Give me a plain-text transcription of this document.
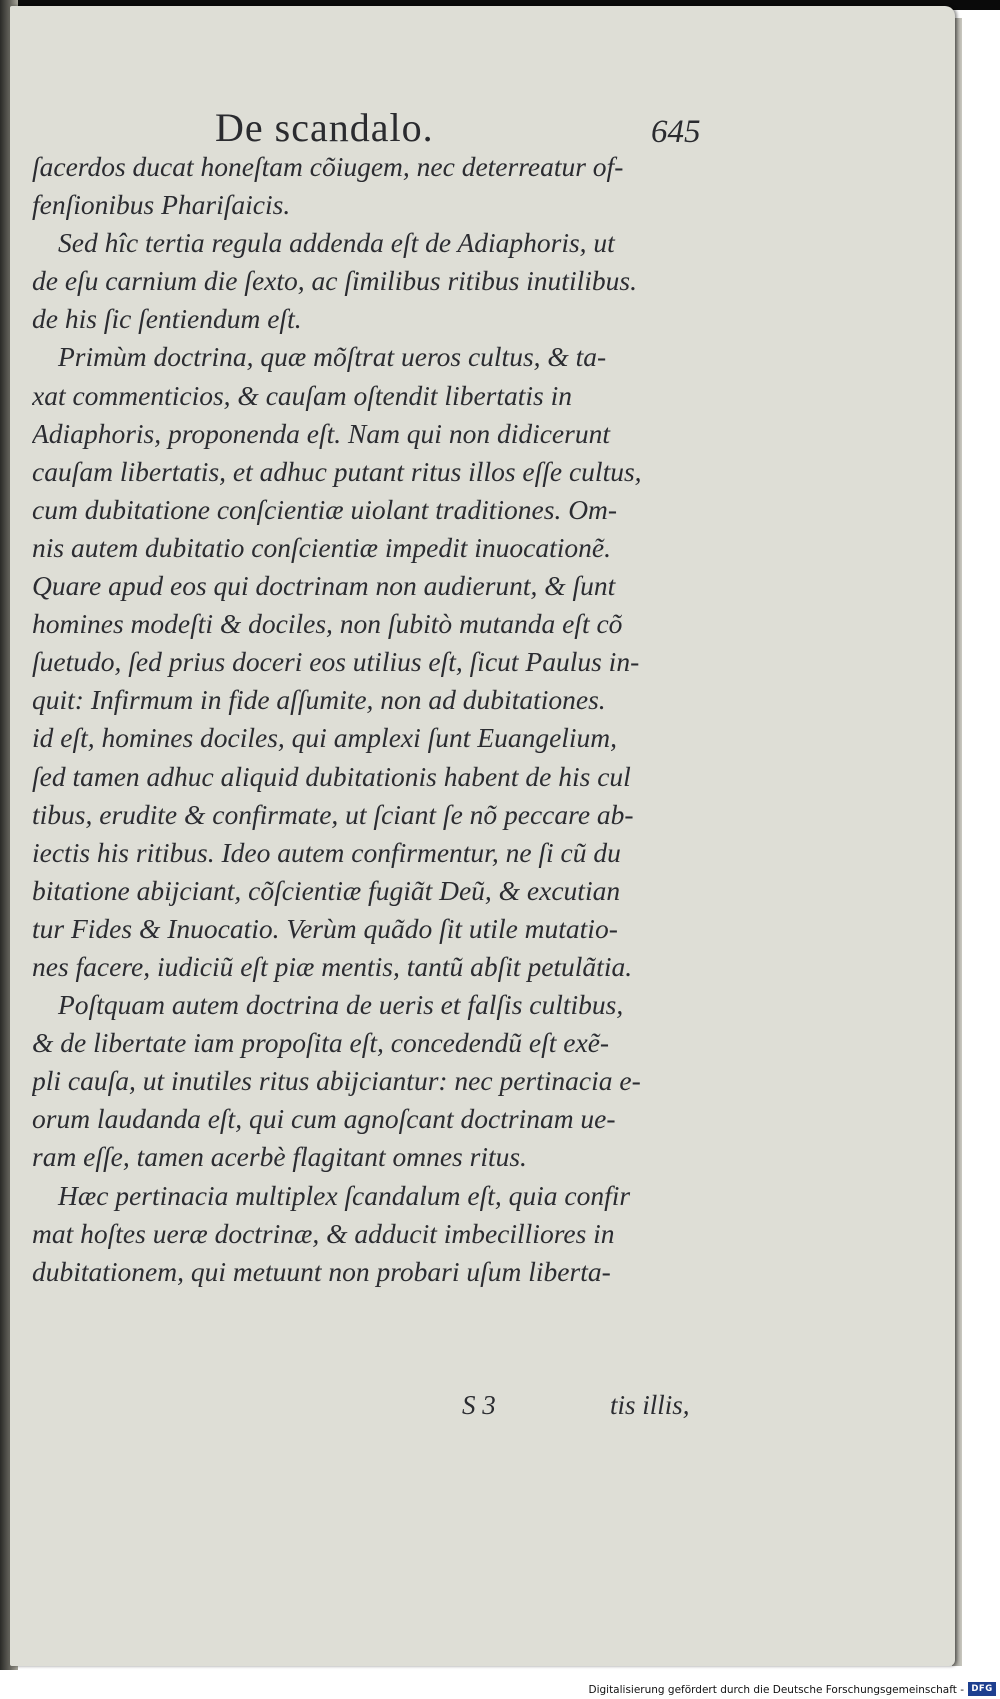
De scandalo.	645
ſacerdos ducat honeſtam cõiugem, nec deterreatur of-
fenſionibus Phariſaicis.
Sed hîc tertia regula addenda eſt de Adiaphoris, ut
de eſu carnium die ſexto, ac ſimilibus ritibus inutilibus.
de his ſic ſentiendum eſt.
Primùm doctrina, quæ mõſtrat ueros cultus, & ta-
xat commenticios, & cauſam oſtendit libertatis in
Adiaphoris, proponenda eſt. Nam qui non didicerunt
cauſam libertatis, et adhuc putant ritus illos eſſe cultus,
cum dubitatione conſcientiæ uiolant traditiones. Om-
nis autem dubitatio conſcientiæ impedit inuocationẽ.
Quare apud eos qui doctrinam non audierunt, & ſunt
homines modeſti & dociles, non ſubitò mutanda eſt cõ
ſuetudo, ſed prius doceri eos utilius eſt, ſicut Paulus in-
quit: Infirmum in fide aſſumite, non ad dubitationes.
id eſt, homines dociles, qui amplexi ſunt Euangelium,
ſed tamen adhuc aliquid dubitationis habent de his cul
tibus, erudite & confirmate, ut ſciant ſe nõ peccare ab-
iectis his ritibus. Ideo autem confirmentur, ne ſi cũ du
bitatione abijciant, cõſcientiæ fugiãt Deũ, & excutian
tur Fides & Inuocatio. Verùm quãdo ſit utile mutatio-
nes facere, iudiciũ eſt piæ mentis, tantũ abſit petulãtia.
Poſtquam autem doctrina de ueris et falſis cultibus,
& de libertate iam propoſita eſt, concedendũ eſt exẽ-
pli cauſa, ut inutiles ritus abijciantur: nec pertinacia e-
orum laudanda eſt, qui cum agnoſcant doctrinam ue-
ram eſſe, tamen acerbè flagitant omnes ritus.
Hæc pertinacia multiplex ſcandalum eſt, quia confir
mat hoſtes ueræ doctrinæ, & adducit imbecilliores in
dubitationem, qui metuunt non probari uſum liberta-
S 3	tis illis,
Digitalisierung gefördert durch die Deutsche Forschungsgemeinschaft - DFG
